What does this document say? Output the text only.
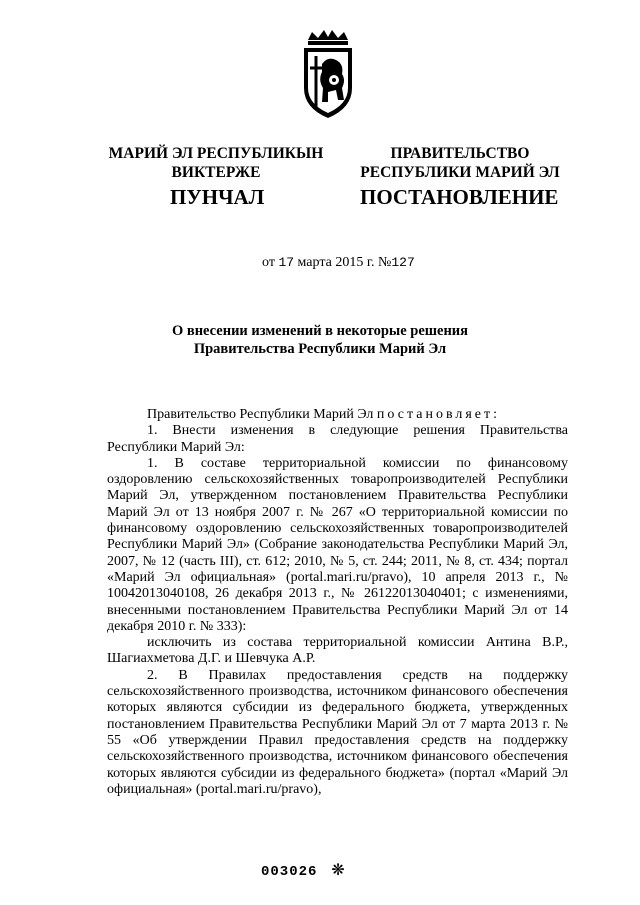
МАРИЙ ЭЛ РЕСПУБЛИКЫН
ВИКТЕРЖЕ
ПРАВИТЕЛЬСТВО
РЕСПУБЛИКИ МАРИЙ ЭЛ
ПУНЧАЛ	ПОСТАНОВЛЕНИЕ
от 17 марта 2015 г. №127
О внесении изменений в некоторые решения
Правительства Республики Марий Эл

Правительство Республики Марий Эл постановляет:

1. Внести изменения в следующие решения Правительства Республики Марий Эл:

1. В составе территориальной комиссии по финансовому оздоровлению сельскохозяйственных товаропроизводителей Республики Марий Эл, утвержденном постановлением Правительства Республики Марий Эл от 13 ноября 2007 г. № 267 «О территориальной комиссии по финансовому оздоровлению сельскохозяйственных товаропроизводителей Республики Марий Эл» (Собрание законодательства Республики Марий Эл, 2007, № 12 (часть III), ст. 612; 2010, № 5, ст. 244; 2011, № 8, ст. 434; портал «Марий Эл официальная» (portal.mari.ru/pravo), 10 апреля 2013 г., № 10042013040108, 26 декабря 2013 г., № 26122013040401; с изменениями, внесенными постановлением Правительства Республики Марий Эл от 14 декабря 2010 г. № 333):

исключить из состава территориальной комиссии Антина В.Р., Шагиахметова Д.Г. и Шевчука А.Р.

2. В Правилах предоставления средств на поддержку сельскохозяйственного производства, источником финансового обеспечения которых являются субсидии из федерального бюджета, утвержденных постановлением Правительства Республики Марий Эл от 7 марта 2013 г. № 55 «Об утверждении Правил предоставления средств на поддержку сельскохозяйственного производства, источником финансового обеспечения которых являются субсидии из федерального бюджета» (портал «Марий Эл официальная» (portal.mari.ru/pravo),

003026 ❋
